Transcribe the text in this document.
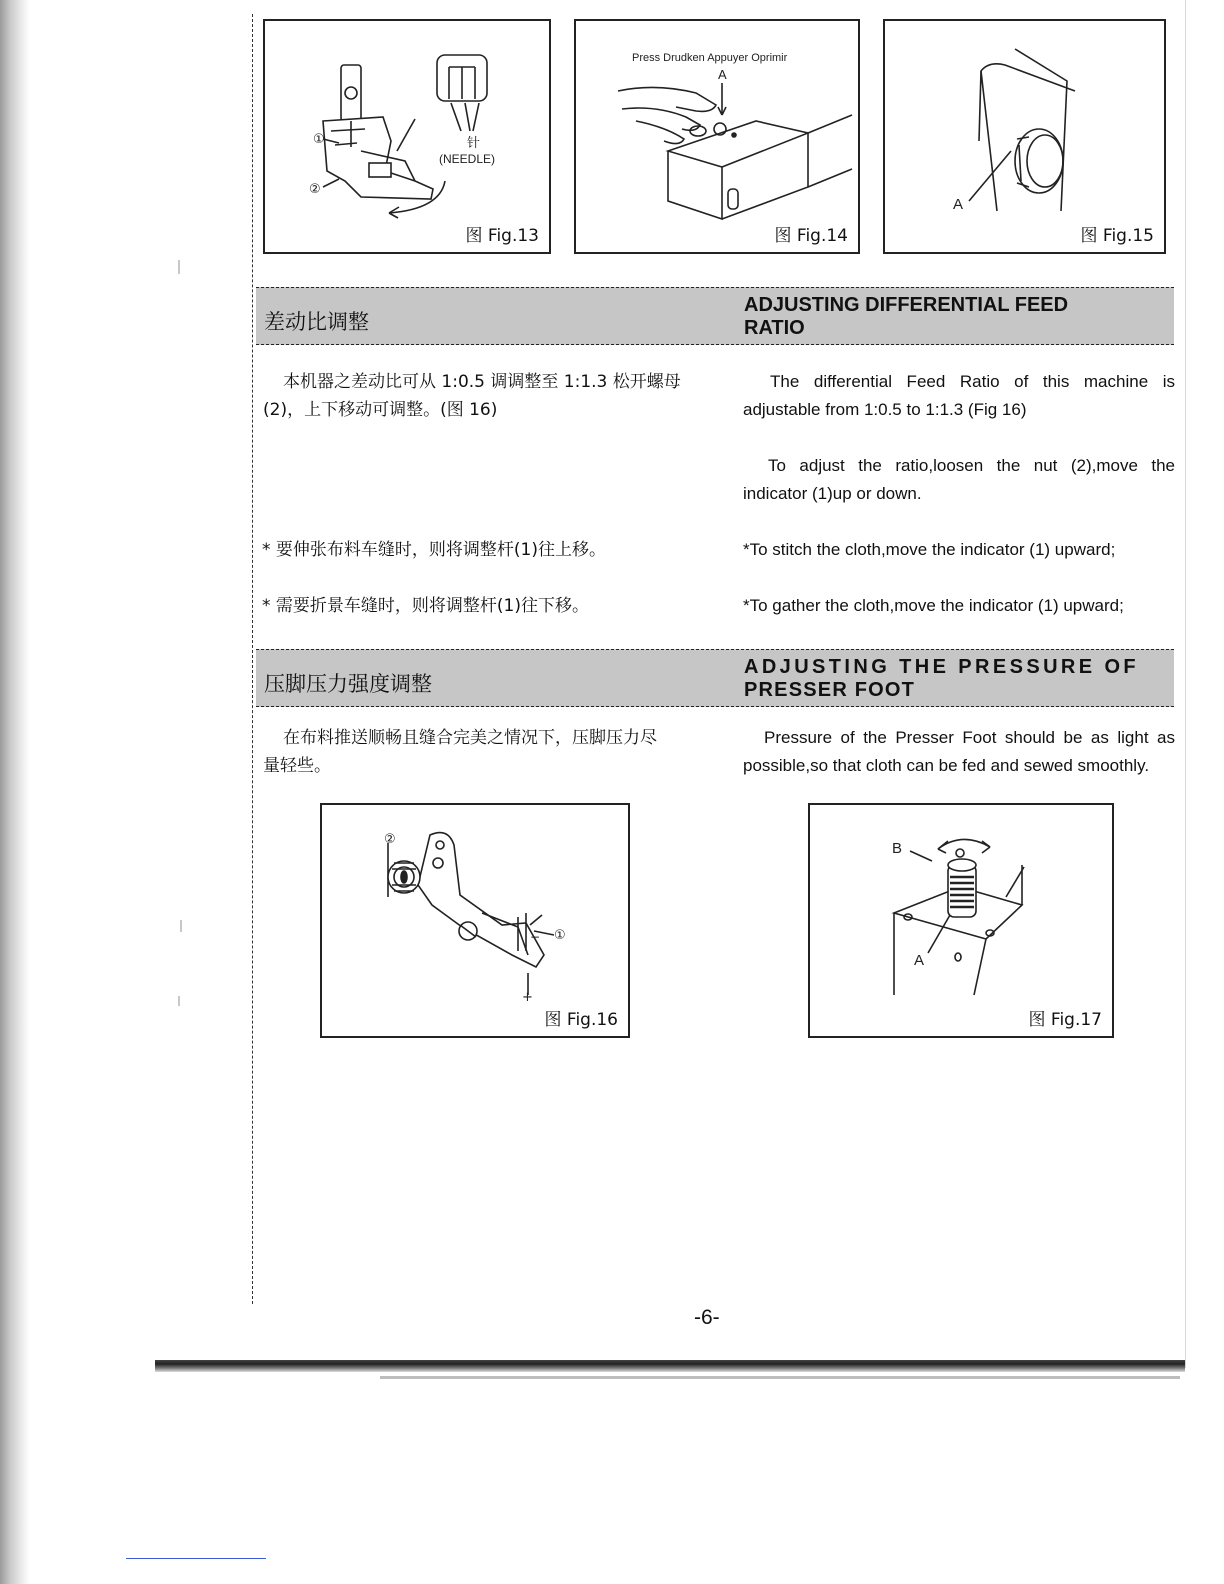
①
②
针
(NEEDLE)
图 Fig.13
Press Drudken Appuyer Oprimir
A
图 Fig.14
A
图 Fig.15
差动比调整
ADJUSTING DIFFERENTIAL FEED
RATIO
本机器之差动比可从 1:0.5 调调整至 1:1.3 松开螺母
(2)，上下移动可调整。(图 16)
The differential Feed Ratio of this machine is
adjustable from 1:0.5 to 1:1.3 (Fig 16)
To adjust the ratio,loosen the nut (2),move the
indicator (1)up or down.
* 要伸张布料车缝时，则将调整杆(1)往上移。	*To stitch the cloth,move the indicator (1) upward;
* 需要折景车缝时，则将调整杆(1)往下移。	*To gather the cloth,move the indicator (1) upward;
压脚压力强度调整
ADJUSTING THE PRESSURE OF
PRESSER FOOT
在布料推送顺畅且缝合完美之情况下，压脚压力尽
量轻些。
Pressure of the Presser Foot should be as light as
possible,so that cloth can be fed and sewed smoothly.
②
①
−
+
图 Fig.16
B
A
图 Fig.17
-6-
